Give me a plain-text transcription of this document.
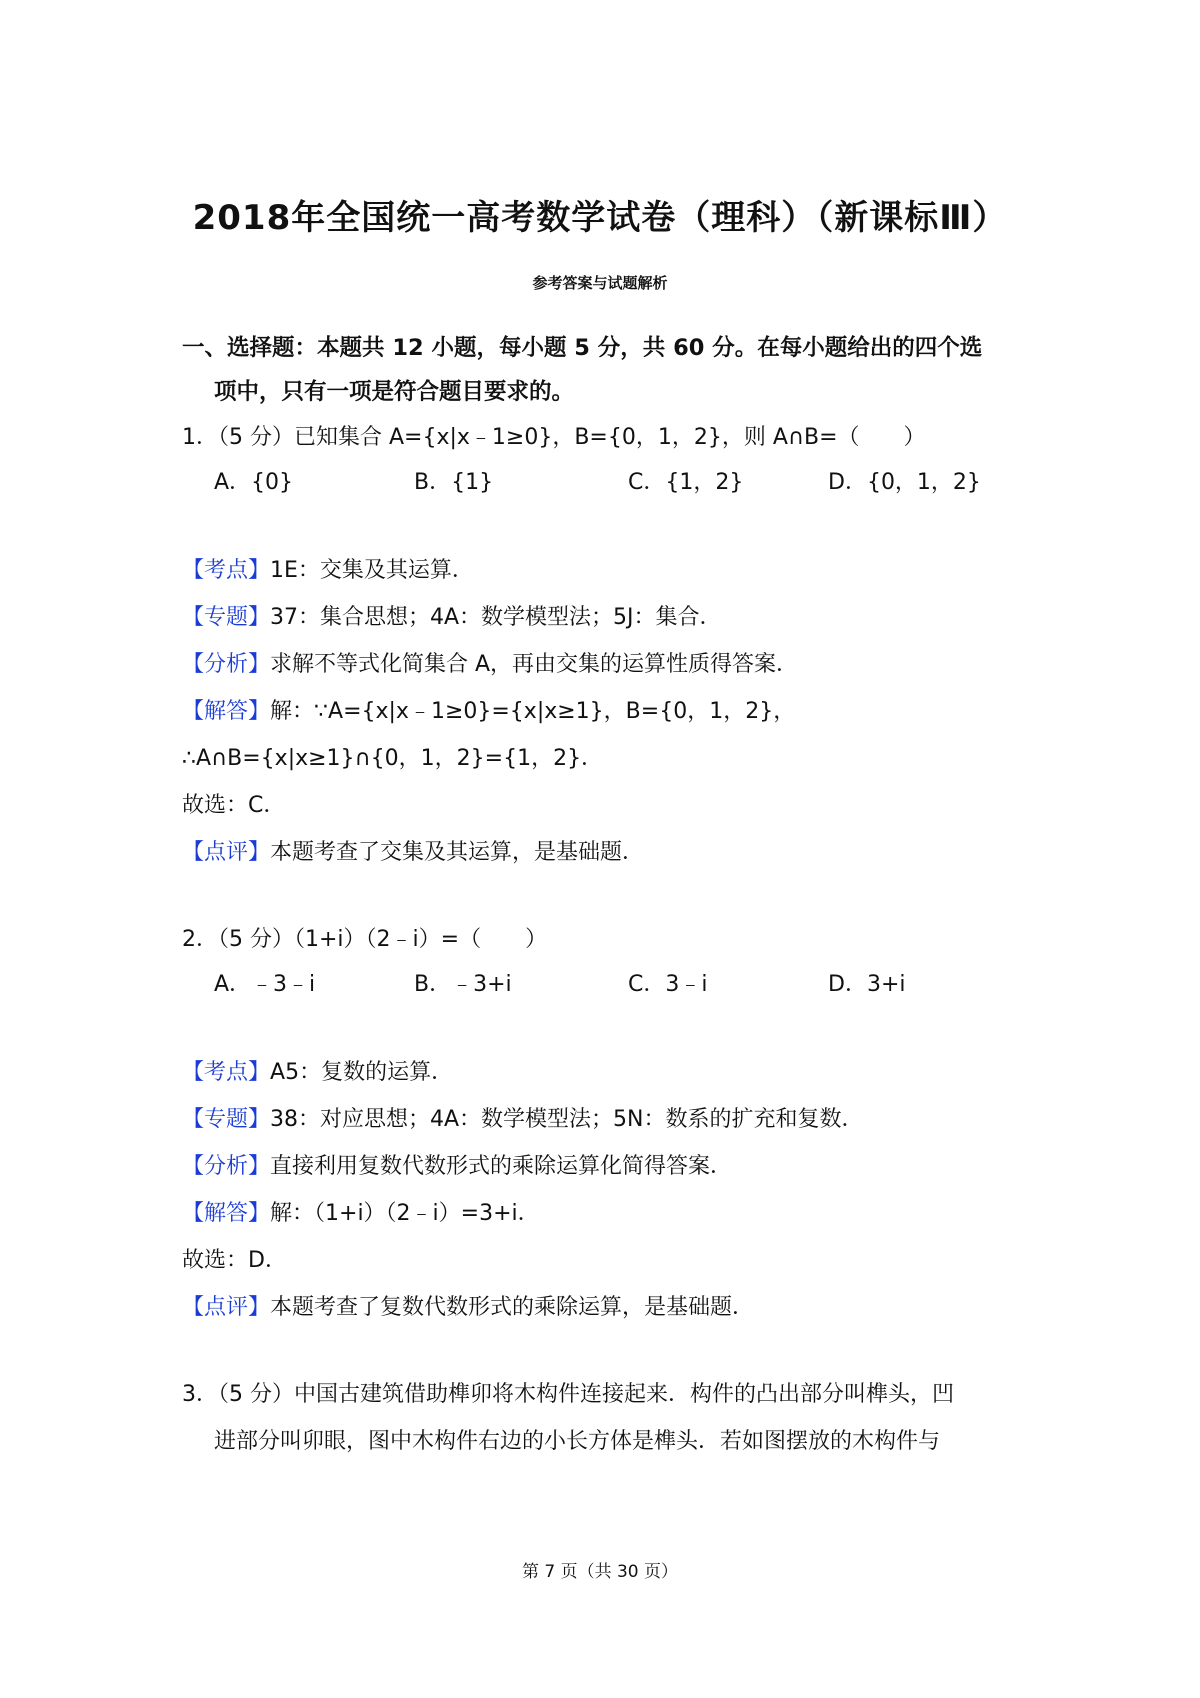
2018年全国统一高考数学试卷（理科）（新课标Ⅲ）
参考答案与试题解析
一、选择题：本题共 12 小题，每小题 5 分，共 60 分。在每小题给出的四个选
项中，只有一项是符合题目要求的。
1．（5 分）已知集合 A={x|x﹣1≥0}，B={0，1，2}，则 A∩B=（　　）
A．{0}	B．{1}	C．{1，2}	D．{0，1，2}
【考点】1E：交集及其运算．
【专题】37：集合思想；4A：数学模型法；5J：集合．
【分析】求解不等式化简集合 A，再由交集的运算性质得答案．
【解答】解：∵A={x|x﹣1≥0}={x|x≥1}，B={0，1，2}，
∴A∩B={x|x≥1}∩{0，1，2}={1，2}．
故选：C．
【点评】本题考查了交集及其运算，是基础题．
2．（5 分）（1+i）（2﹣i）=（　　）
A．﹣3﹣i	B．﹣3+i	C．3﹣i	D．3+i
【考点】A5：复数的运算．
【专题】38：对应思想；4A：数学模型法；5N：数系的扩充和复数．
【分析】直接利用复数代数形式的乘除运算化简得答案．
【解答】解：（1+i）（2﹣i）=3+i．
故选：D．
【点评】本题考查了复数代数形式的乘除运算，是基础题．
3．（5 分）中国古建筑借助榫卯将木构件连接起来．构件的凸出部分叫榫头，凹
进部分叫卯眼，图中木构件右边的小长方体是榫头．若如图摆放的木构件与
第 7 页（共 30 页）
